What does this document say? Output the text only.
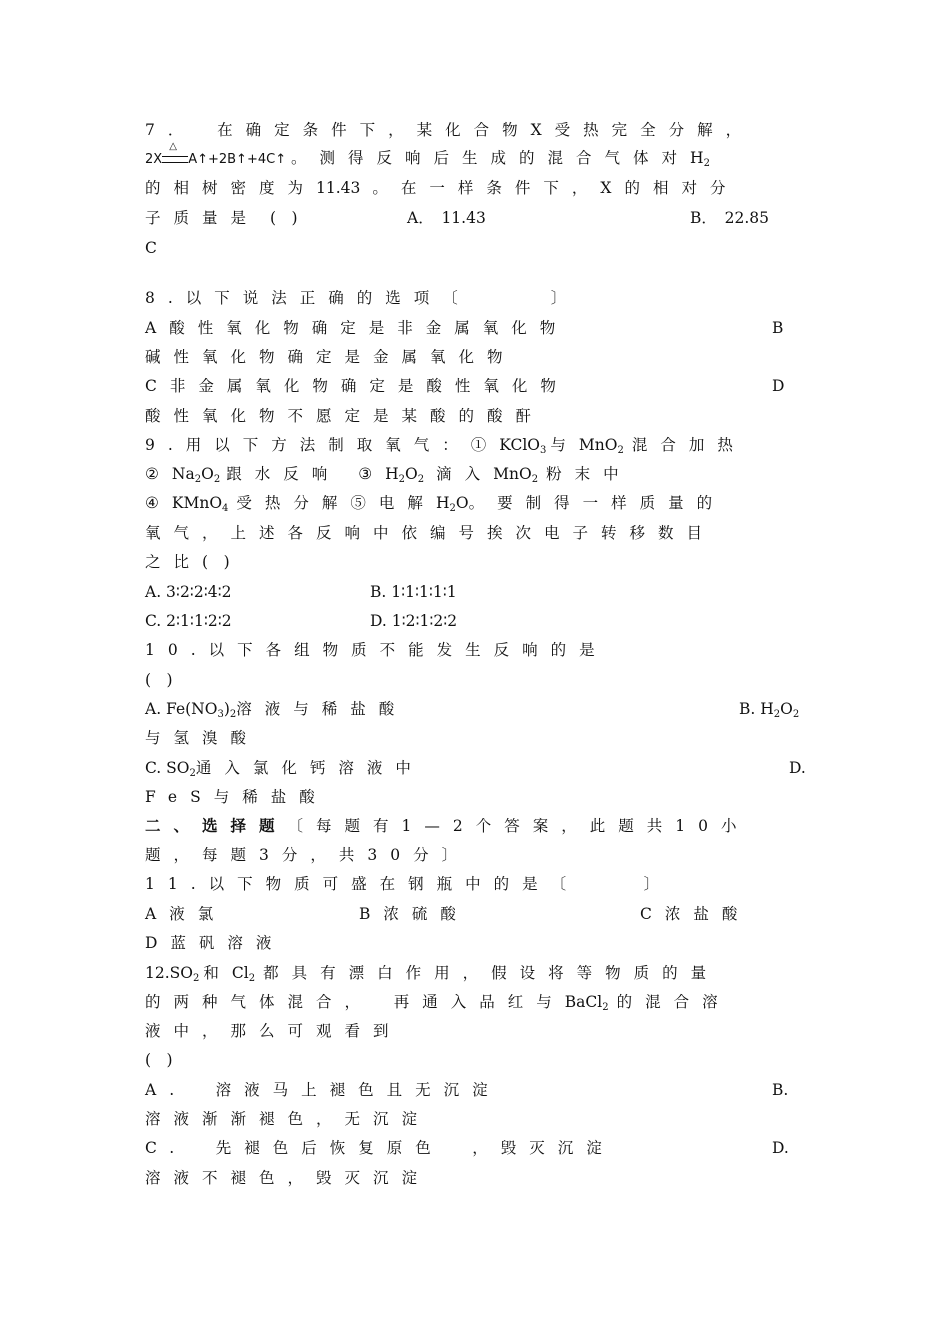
7．　在确定条件下，某化合物X受热完全分解，
2X
△
A↑+2B↑+4C↑ 。测得反响后生成的混合气体对$H_2$
的相树密度为11.43 。在一样条件下，X的相对分
子质量是 (　)	A．　11.43	B．　22.85
C
8.以下说法正确的选项〔　　　　　　〕
A酸性氧化物确定是非金属氧化物	B
碱性氧化物确定是金属氧化物
C非金属氧化物确定是酸性氧化物	D
酸性氧化物不愿定是某酸的酸酐
9.用以下方法制取氧气：①KClO$_3$ 与MnO$_2$ 混合加热
$②Na_2O_2$ 跟水反响 $③H_2O_2$ 滴入MnO$_2$ 粉末中
④KMnO$_4$ 受热分解⑤电解$H_2O$。要制得一样质量的
氧气，上述各反响中依编号挨次电子转移数目
之比(　)
A. 3∶2∶2∶4∶2	B. 1∶1∶1∶1∶1
C. 2∶1∶1∶2∶2	D. 1∶2∶1∶2∶2
10.以下各组物质不能发生反响的是
(　)
A. $Fe(NO_3)_2$溶液与稀盐酸	B. $H_2O_2$
与氢溴酸
C. $SO_2$通入氯化钙溶液中	D.
FeS与稀盐酸
二、选择题〔每题有1—2个答案，此题共10小
题，每题3分，共30分〕
11.以下物质可盛在钢瓶中的是〔　　　　　〕
A液氯	B浓硫酸	C浓盐酸
D蓝矾溶液
$12.SO_2$ 和$Cl_2$ 都具有漂白作用，假设将等物质的量
的两种气体混合，　再通入品红与BaCl$_2$ 的混合溶
液中，那么可观看到
(　)
A.　溶液马上褪色且无沉淀	B.
溶液渐渐褪色，无沉淀
C.　先褪色后恢复原色　，毁灭沉淀	D.
溶液不褪色，毁灭沉淀
